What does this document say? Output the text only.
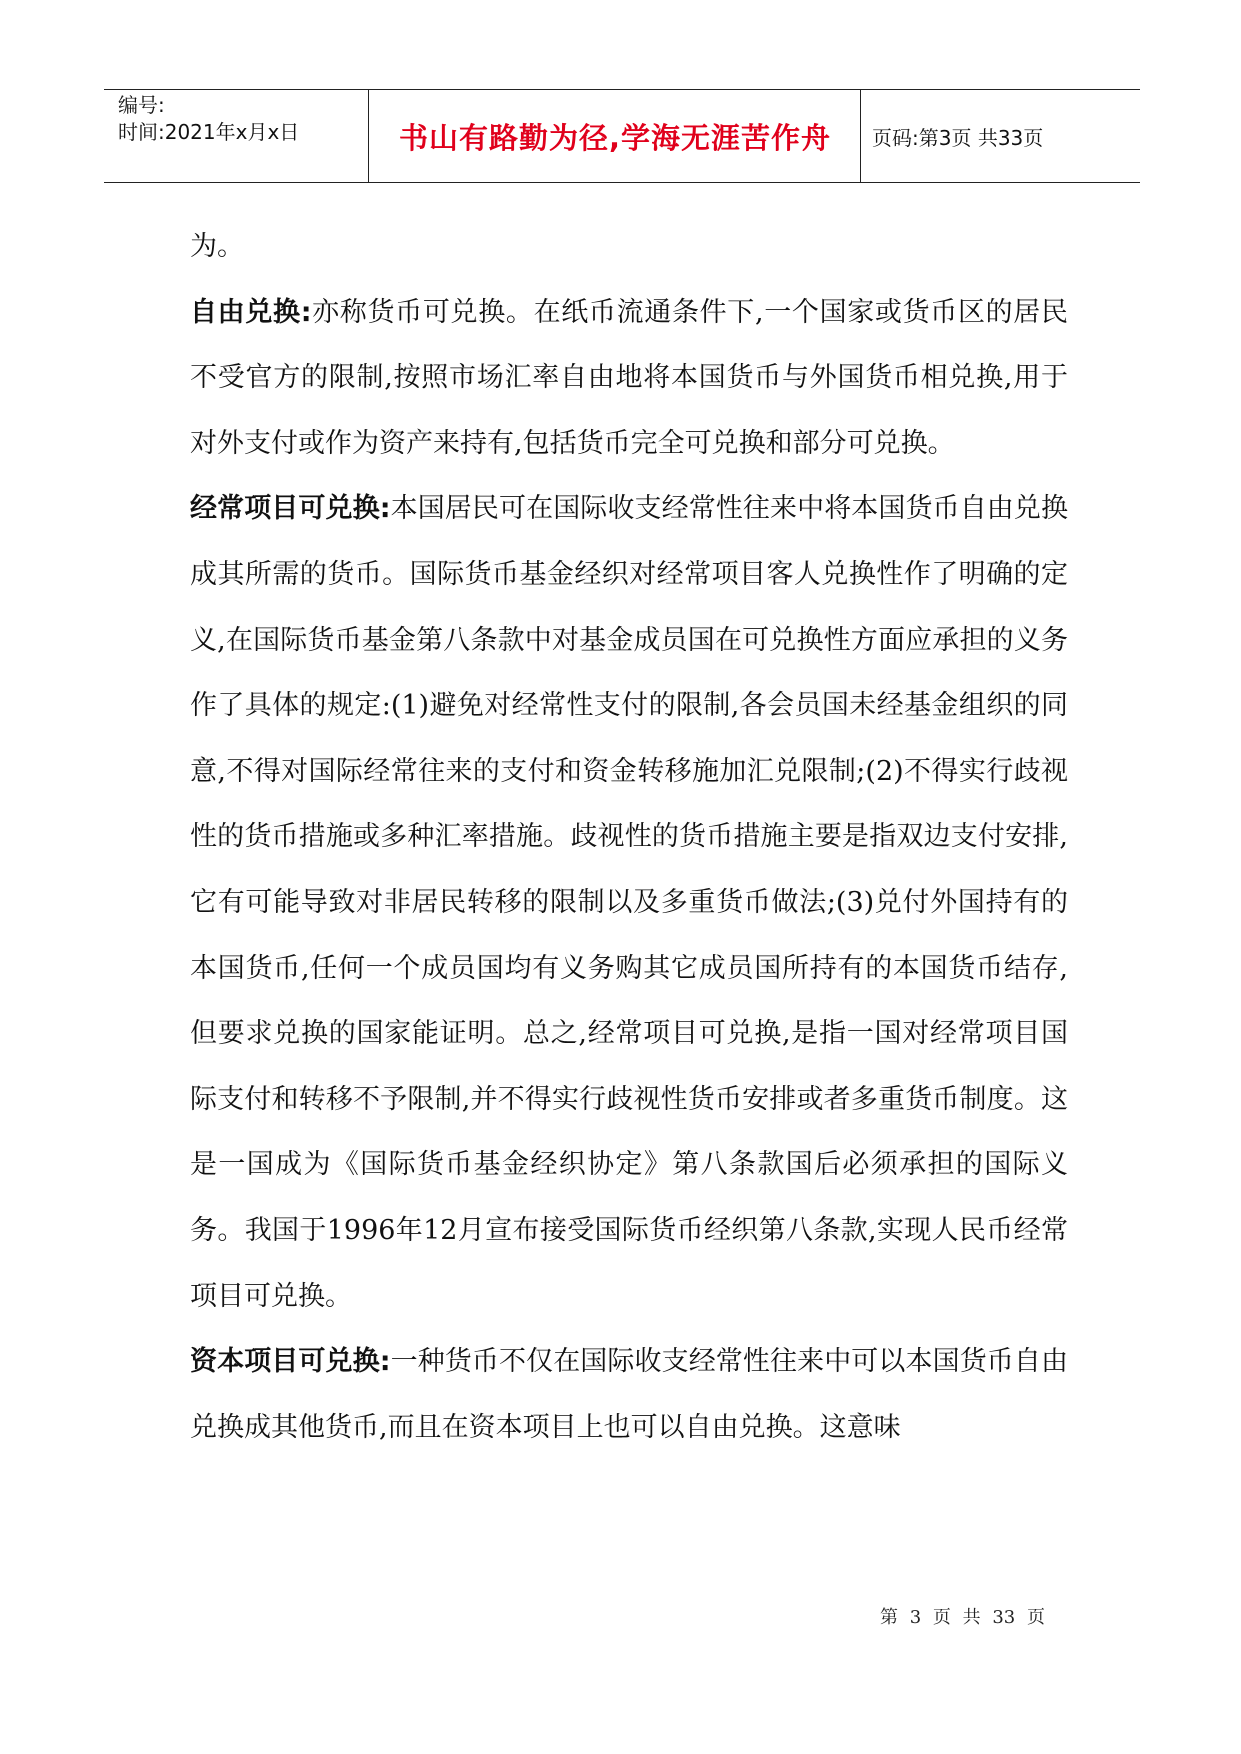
编号:
时间:2021年x月x日	书山有路勤为径,学海无涯苦作舟	页码:第3页 共33页

为。

自由兑换:亦称货币可兑换。在纸币流通条件下,一个国家或货币区的居民不受官方的限制,按照市场汇率自由地将本国货币与外国货币相兑换,用于对外支付或作为资产来持有,包括货币完全可兑换和部分可兑换。

经常项目可兑换:本国居民可在国际收支经常性往来中将本国货币自由兑换成其所需的货币。国际货币基金经织对经常项目客人兑换性作了明确的定义,在国际货币基金第八条款中对基金成员国在可兑换性方面应承担的义务作了具体的规定:(1)避免对经常性支付的限制,各会员国未经基金组织的同意,不得对国际经常往来的支付和资金转移施加汇兑限制;(2)不得实行歧视性的货币措施或多种汇率措施。歧视性的货币措施主要是指双边支付安排,它有可能导致对非居民转移的限制以及多重货币做法;(3)兑付外国持有的本国货币,任何一个成员国均有义务购其它成员国所持有的本国货币结存,但要求兑换的国家能证明。总之,经常项目可兑换,是指一国对经常项目国际支付和转移不予限制,并不得实行歧视性货币安排或者多重货币制度。这是一国成为《国际货币基金经织协定》第八条款国后必须承担的国际义务。我国于1996年12月宣布接受国际货币经织第八条款,实现人民币经常项目可兑换。

资本项目可兑换:一种货币不仅在国际收支经常性往来中可以本国货币自由兑换成其他货币,而且在资本项目上也可以自由兑换。这意味

第 3 页 共 33 页
